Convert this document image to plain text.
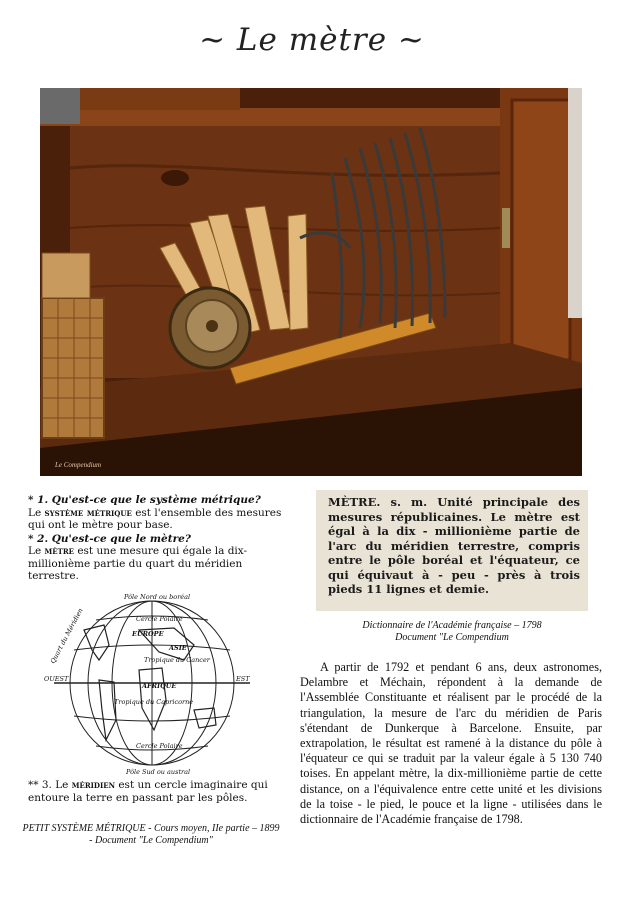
~ Le mètre ~
Le Compendium
* 1. Qu'est-ce que le système métrique?
Le système métrique est l'ensemble des mesures qui ont le mètre pour base.
* 2. Qu'est-ce que le mètre?
Le mètre est une mesure qui égale la dix-millionième partie du quart du méridien terrestre.
Pôle Nord ou boréal
Pôle Sud ou austral
OUEST	EST
Quart du Méridien	Cercle Polaire
Cercle Polaire
Tropique du Cancer
Tropique du Capricorne
ASIE
EUROPE
AFRIQUE
** 3. Le méridien est un cercle imaginaire qui entoure la terre en passant par les pôles.
PETIT SYSTÈME MÉTRIQUE - Cours moyen, IIe partie – 1899
- Document "Le Compendium"
MÈTRE. s. m. Unité principale des mesures républicaines. Le mètre est égal à la dix - millionième partie de l'arc du méridien terrestre, compris entre le pôle boréal et l'équateur, ce qui équivaut à - peu - près à trois pieds 11 lignes et demie.
Dictionnaire de l'Académie française – 1798
Document "Le Compendium
A partir de 1792 et pendant 6 ans, deux astronomes, Delambre et Méchain, répondent à la demande de l'Assemblée Constituante et réalisent par le procédé de la triangulation, la mesure de l'arc du méridien de Paris s'étendant de Dunkerque à Barcelone. Ensuite, par extrapolation, le résultat est ramené à la distance du pôle à l'équateur ce qui se traduit par la valeur égale à 5 130 740 toises. En appelant mètre, la dix-millionième partie de cette distance, on a l'équivalence entre cette unité et les divisions de la toise - le pied, le pouce et la ligne - utilisées dans le dictionnaire de l'Académie française de 1798.
